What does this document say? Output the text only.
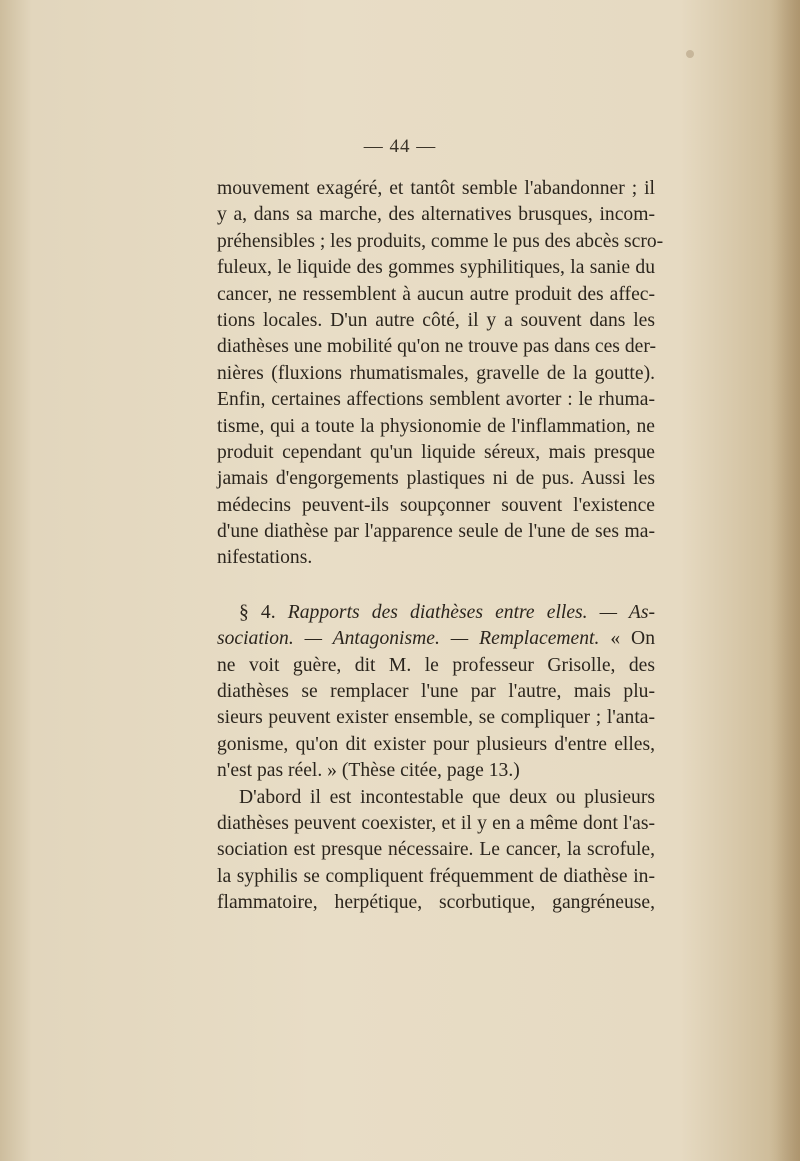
— 44 —
mouvement exagéré, et tantôt semble l'abandonner ; il
y a, dans sa marche, des alternatives brusques, incom-
préhensibles ; les produits, comme le pus des abcès scro-
fuleux, le liquide des gommes syphilitiques, la sanie du
cancer, ne ressemblent à aucun autre produit des affec-
tions locales. D'un autre côté, il y a souvent dans les
diathèses une mobilité qu'on ne trouve pas dans ces der-
nières (fluxions rhumatismales, gravelle de la goutte).
Enfin, certaines affections semblent avorter : le rhuma-
tisme, qui a toute la physionomie de l'inflammation, ne
produit cependant qu'un liquide séreux, mais presque
jamais d'engorgements plastiques ni de pus. Aussi les
médecins peuvent-ils soupçonner souvent l'existence
d'une diathèse par l'apparence seule de l'une de ses ma-
nifestations.
§ 4. Rapports des diathèses entre elles. — As-
sociation. — Antagonisme. — Remplacement. « On
ne voit guère, dit M. le professeur Grisolle, des
diathèses se remplacer l'une par l'autre, mais plu-
sieurs peuvent exister ensemble, se compliquer ; l'anta-
gonisme, qu'on dit exister pour plusieurs d'entre elles,
n'est pas réel. » (Thèse citée, page 13.)
D'abord il est incontestable que deux ou plusieurs
diathèses peuvent coexister, et il y en a même dont l'as-
sociation est presque nécessaire. Le cancer, la scrofule,
la syphilis se compliquent fréquemment de diathèse in-
flammatoire, herpétique, scorbutique, gangréneuse,
